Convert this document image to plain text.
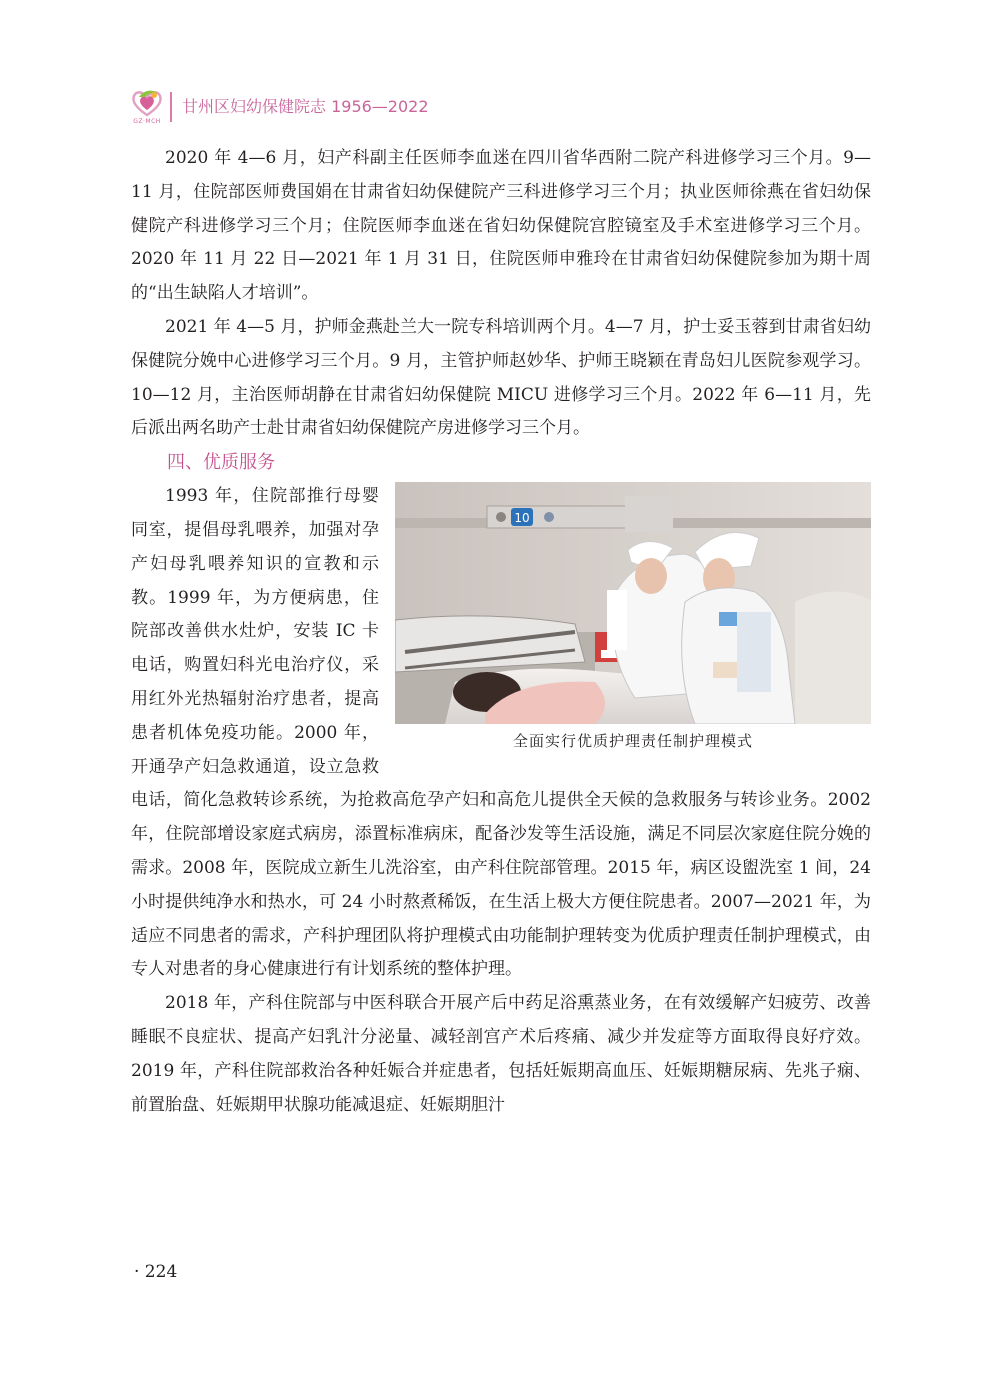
GZ·MCH
甘州区妇幼保健院志 1956—2022

2020 年 4—6 月，妇产科副主任医师李血迷在四川省华西附二院产科进修学习三个月。9—11 月，住院部医师费国娟在甘肃省妇幼保健院产三科进修学习三个月；执业医师徐燕在省妇幼保健院产科进修学习三个月；住院医师李血迷在省妇幼保健院宫腔镜室及手术室进修学习三个月。2020 年 11 月 22 日—2021 年 1 月 31 日，住院医师申雅玲在甘肃省妇幼保健院参加为期十周的“出生缺陷人才培训”。

2021 年 4—5 月，护师金燕赴兰大一院专科培训两个月。4—7 月，护士妥玉蓉到甘肃省妇幼保健院分娩中心进修学习三个月。9 月，主管护师赵妙华、护师王晓颖在青岛妇儿医院参观学习。10—12 月，主治医师胡静在甘肃省妇幼保健院 MICU 进修学习三个月。2022 年 6—11 月，先后派出两名助产士赴甘肃省妇幼保健院产房进修学习三个月。

四、优质服务
10
全面实行优质护理责任制护理模式

1993 年，住院部推行母婴同室，提倡母乳喂养，加强对孕产妇母乳喂养知识的宣教和示教。1999 年，为方便病患，住院部改善供水灶炉，安装 IC 卡电话，购置妇科光电治疗仪，采用红外光热辐射治疗患者，提高患者机体免疫功能。2000 年，开通孕产妇急救通道，设立急救电话，简化急救转诊系统，为抢救高危孕产妇和高危儿提供全天候的急救服务与转诊业务。2002 年，住院部增设家庭式病房，添置标准病床，配备沙发等生活设施，满足不同层次家庭住院分娩的需求。2008 年，医院成立新生儿洗浴室，由产科住院部管理。2015 年，病区设盥洗室 1 间，24 小时提供纯净水和热水，可 24 小时熬煮稀饭，在生活上极大方便住院患者。2007—2021 年，为适应不同患者的需求，产科护理团队将护理模式由功能制护理转变为优质护理责任制护理模式，由专人对患者的身心健康进行有计划系统的整体护理。

2018 年，产科住院部与中医科联合开展产后中药足浴熏蒸业务，在有效缓解产妇疲劳、改善睡眠不良症状、提高产妇乳汁分泌量、减轻剖宫产术后疼痛、减少并发症等方面取得良好疗效。2019 年，产科住院部救治各种妊娠合并症患者，包括妊娠期高血压、妊娠期糖尿病、先兆子痫、前置胎盘、妊娠期甲状腺功能减退症、妊娠期胆汁

· 224
